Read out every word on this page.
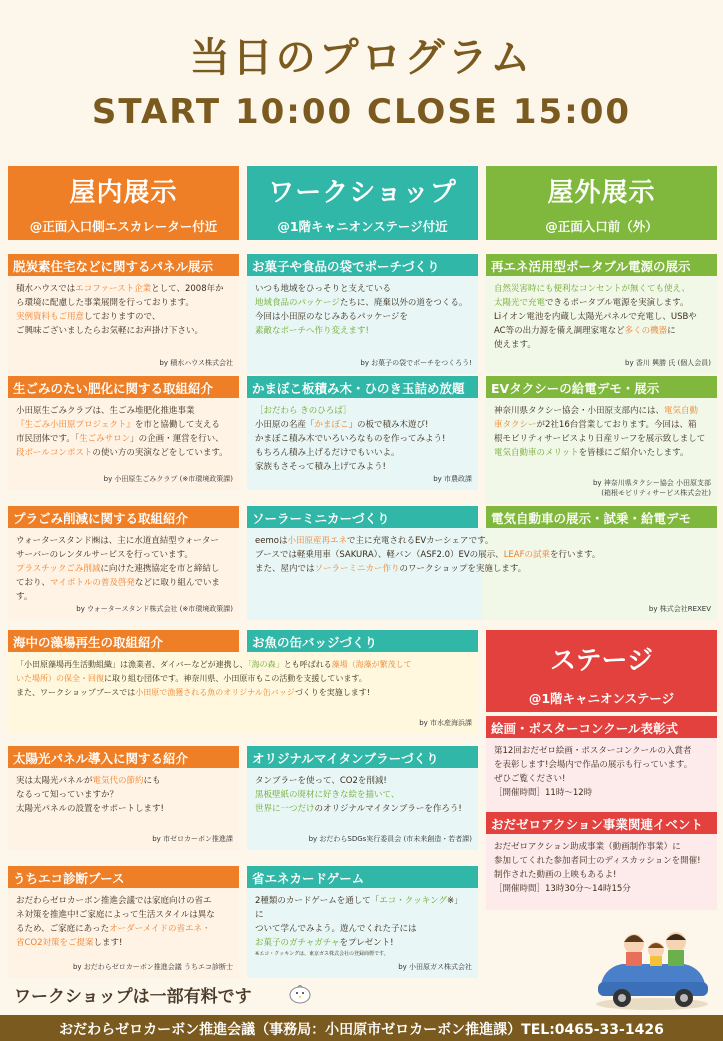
当日のプログラム
START 10:00 CLOSE 15:00
屋内展示
@正面入口側エスカレーター付近
ワークショップ
@1階キャニオンステージ付近
屋外展示
@正面入口前（外）
脱炭素住宅などに関するパネル展示
積水ハウスではエコファースト企業として、2008年か
ら環境に配慮した事業展開を行っております。
実例資料もご用意しておりますので、
ご興味ございましたらお気軽にお声掛け下さい。
by 積水ハウス株式会社
お菓子や食品の袋でポーチづくり
いつも地域をひっそりと支えている
地域食品のパッケージたちに、廃棄以外の道をつくる。
今回は小田原のなじみあるパッケージを
素敵なポーチへ作り変えます!
by お菓子の袋でポーチをつくろう!
再エネ活用型ポータブル電源の展示
自然災害時にも便利なコンセントが無くても使え、
太陽光で充電できるポータブル電源を実演します。
Liイオン電池を内蔵し太陽光パネルで充電し、USBや
AC等の出力源を備え調理家電など多くの機器に
使えます。
by 香川 興勝 氏 (個人会員)
生ごみのたい肥化に関する取組紹介
小田原生ごみクラブは、生ごみ堆肥化推進事業
『生ごみ小田原プロジェクト』を市と協働して支える
市民団体です。「生ごみサロン」の企画・運営を行い、
段ボールコンポストの使い方の実演などをしています。
by 小田原生ごみクラブ (※市環境政策課)
かまぼこ板積み木・ひのき玉詰め放題
［おだわら きのひろば］
小田原の名産「かまぼこ」の板で積み木遊び!
かまぼこ積み木でいろいろなものを作ってみよう!
もちろん積み上げるだけでもいいよ。
家族もさそって積み上げてみよう!
by 市農政課
EVタクシーの給電デモ・展示
神奈川県タクシー協会・小田原支部内には、電気自動
車タクシーが2社16台営業しております。今回は、箱
根モビリティサービスより日産リーフを展示致しまして
電気自動車のメリットを皆様にご紹介いたします。
by 神奈川県タクシー協会 小田原支部
(箱根モビリティサービス株式会社)
プラごみ削減に関する取組紹介
ウォータースタンド㈱は、主に水道直結型ウォーター
サーバーのレンタルサービスを行っています。
プラスチックごみ削減に向けた連携協定を市と締結し
ており、マイボトルの普及啓発などに取り組んでいます。
by ウォータースタンド株式会社 (※市環境政策課)
ソーラーミニカーづくり	電気自動車の展示・試乗・給電デモ
eemoは小田原産再エネで主に充電されるEVカーシェアです。
ブースでは軽乗用車（SAKURA）、軽バン（ASF2.0）EVの展示、LEAFの試乗を行います。
また、屋内ではソーラーミニカー作りのワークショップを実施します。
by 株式会社REXEV
海中の藻場再生の取組紹介	お魚の缶バッジづくり
「小田原藻場再生活動組織」は漁業者、ダイバーなどが連携し、「海の森」とも呼ばれる藻場（海藻が繁茂して
いた場所）の保全・回復に取り組む団体です。神奈川県、小田原市もこの活動を支援しています。
また、ワークショップブースでは小田原で漁獲される魚のオリジナル缶バッジづくりを実施します!
by 市水産海浜課
ステージ
@1階キャニオンステージ
太陽光パネル導入に関する紹介
実は太陽光パネルが電気代の節約にも
なるって知っていますか？
太陽光パネルの設置をサポートします!
by 市ゼロカーボン推進課
オリジナルマイタンブラーづくり
タンブラーを使って、CO2を削減!
黒板壁紙の廃材に好きな絵を描いて、
世界に一つだけのオリジナルマイタンブラーを作ろう!
by おだわらSDGs実行委員会 (市未来創造・若者課)
絵画・ポスターコンクール表彰式
第12回おだゼロ絵画・ポスターコンクールの入賞者
を表彰します!会場内で作品の展示も行っています。
ぜひご覧ください!
［開催時間］11時～12時
おだゼロアクション事業関連イベント
おだゼロアクション助成事業（動画制作事業）に
参加してくれた参加者同士のディスカッションを開催!
制作された動画の上映もあるよ!
［開催時間］13時30分～14時15分
うちエコ診断ブース
おだわらゼロカーボン推進会議では家庭向けの省エ
ネ対策を推進中!ご家庭によって生活スタイルは異な
るため、ご家庭にあったオーダーメイドの省エネ・
省CO2対策をご提案します!
by おだわらゼロカーボン推進会議 うちエコ診断士
省エネカードゲーム
2種類のカードゲームを通して「エコ・クッキング※」に
ついて学んでみよう。遊んでくれた子には
お菓子のガチャガチャをプレゼント!
※エコ・クッキングは、東京ガス株式会社の登録商標です。
by 小田原ガス株式会社
ワークショップは一部有料です
おだわらゼロカーボン推進会議（事務局：小田原市ゼロカーボン推進課）TEL:0465-33-1426
